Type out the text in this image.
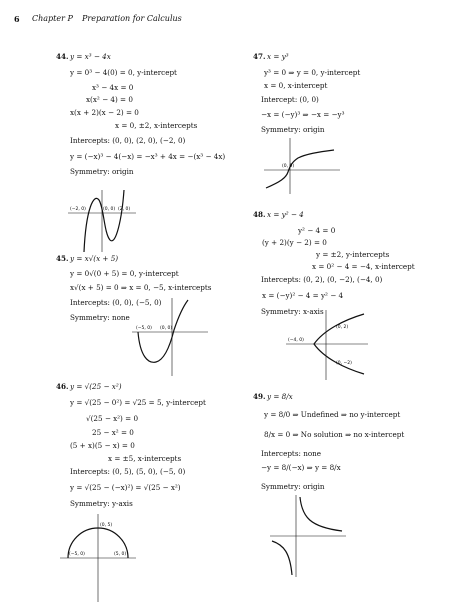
6 Chapter P Preparation for Calculus
44. y = x³ − 4x
y = 0³ − 4(0) = 0, y-intercept
x³ − 4x = 0
x(x² − 4) = 0
x(x + 2)(x − 2) = 0
x = 0, ±2, x-intercepts
Intercepts: (0, 0), (2, 0), (−2, 0)
y = (−x)³ − 4(−x) = −x³ + 4x = −(x³ − 4x)
Symmetry: origin
(−2, 0)	(0, 0) (2, 0)
45. y = x√(x + 5)
y = 0√(0 + 5) = 0, y-intercept
x√(x + 5) = 0 ⇒ x = 0, −5, x-intercepts
Intercepts: (0, 0), (−5, 0)
Symmetry: none
(−5, 0) (0, 0)
46. y = √(25 − x²)
y = √(25 − 0²) = √25 = 5, y-intercept
√(25 − x²) = 0
25 − x² = 0
(5 + x)(5 − x) = 0
x = ±5, x-intercepts
Intercepts: (0, 5), (5, 0), (−5, 0)
y = √(25 − (−x)²) = √(25 − x²)
Symmetry: y-axis
(0, 5)
(−5, 0)	(5, 0)
47. x = y³
y³ = 0 ⇒ y = 0, y-intercept
x = 0, x-intercept
Intercept: (0, 0)
−x = (−y)³ ⇒ −x = −y³
Symmetry: origin
(0, 0)
48. x = y² − 4
y² − 4 = 0
(y + 2)(y − 2) = 0
y = ±2, y-intercepts
x = 0² − 4 = −4, x-intercept
Intercepts: (0, 2), (0, −2), (−4, 0)
x = (−y)² − 4 = y² − 4
Symmetry: x-axis
(0, 2)
(−4, 0)
(0, −2)
49. y = 8/x
y = 8/0 ⇒ Undefined ⇒ no y-intercept
8/x = 0 ⇒ No solution ⇒ no x-intercept
Intercepts: none
−y = 8/(−x) ⇒ y = 8/x
Symmetry: origin
